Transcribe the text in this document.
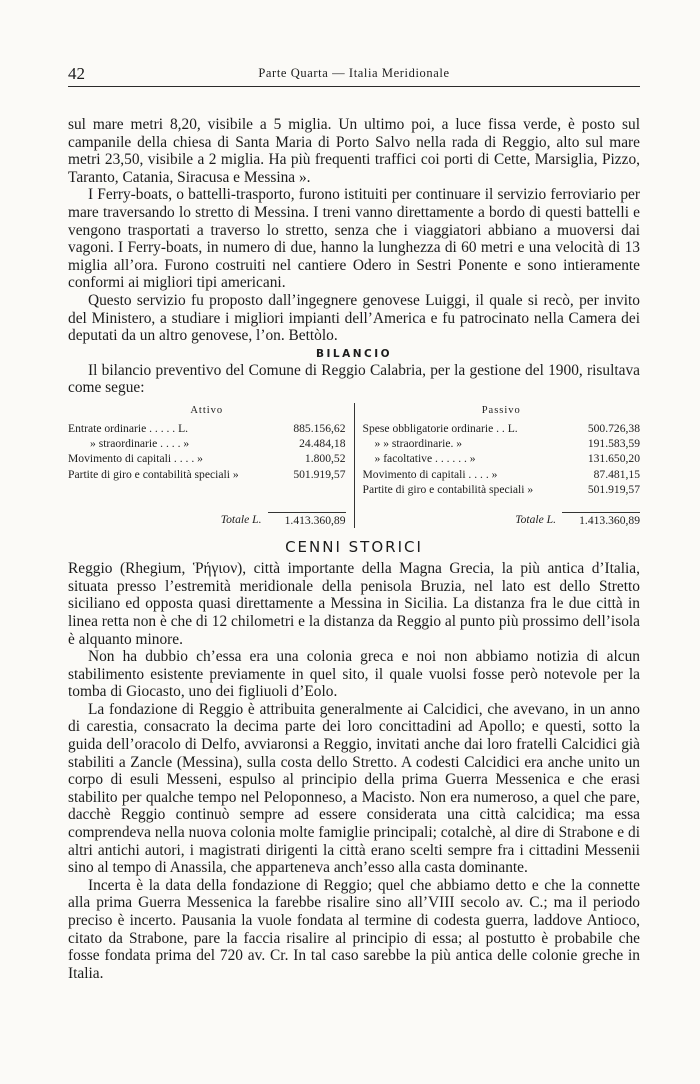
42	Parte Quarta — Italia Meridionale

sul mare metri 8,20, visibile a 5 miglia. Un ultimo poi, a luce fissa verde, è posto sul campanile della chiesa di Santa Maria di Porto Salvo nella rada di Reggio, alto sul mare metri 23,50, visibile a 2 miglia. Ha più frequenti traffici coi porti di Cette, Marsiglia, Pizzo, Taranto, Catania, Siracusa e Messina ».

I Ferry-boats, o battelli-trasporto, furono istituiti per continuare il servizio ferroviario per mare traversando lo stretto di Messina. I treni vanno direttamente a bordo di questi battelli e vengono trasportati a traverso lo stretto, senza che i viaggiatori abbiano a muoversi dai vagoni. I Ferry-boats, in numero di due, hanno la lunghezza di 60 metri e una velocità di 13 miglia all’ora. Furono costruiti nel cantiere Odero in Sestri Ponente e sono intieramente conformi ai migliori tipi americani.

Questo servizio fu proposto dall’ingegnere genovese Luiggi, il quale si recò, per invito del Ministero, a studiare i migliori impianti dell’America e fu patrocinato nella Camera dei deputati da un altro genovese, l’on. Bettòlo.

BILANCIO

Il bilancio preventivo del Comune di Reggio Calabria, per la gestione del 1900, risultava come segue:

Attivo
Entrate ordinarie . . . . . L.	885.156,62
» straordinarie . . . . »	24.484,18
Movimento di capitali . . . . »	1.800,52
Partite di giro e contabilità speciali »	501.919,57
Totale L.	1.413.360,89
Passivo
Spese obbligatorie ordinarie . . L.	500.726,38
» » straordinarie. »	191.583,59
» facoltative . . . . . . »	131.650,20
Movimento di capitali . . . . »	87.481,15
Partite di giro e contabilità speciali »	501.919,57
Totale L.	1.413.360,89
CENNI STORICI

Reggio (Rhegium, Ῥήγιον), città importante della Magna Grecia, la più antica d’Italia, situata presso l’estremità meridionale della penisola Bruzia, nel lato est dello Stretto siciliano ed opposta quasi direttamente a Messina in Sicilia. La distanza fra le due città in linea retta non è che di 12 chilometri e la distanza da Reggio al punto più prossimo dell’isola è alquanto minore.

Non ha dubbio ch’essa era una colonia greca e noi non abbiamo notizia di alcun stabilimento esistente previamente in quel sito, il quale vuolsi fosse però notevole per la tomba di Giocasto, uno dei figliuoli d’Eolo.

La fondazione di Reggio è attribuita generalmente ai Calcidici, che avevano, in un anno di carestia, consacrato la decima parte dei loro concittadini ad Apollo; e questi, sotto la guida dell’oracolo di Delfo, avviaronsi a Reggio, invitati anche dai loro fratelli Calcidici già stabiliti a Zancle (Messina), sulla costa dello Stretto. A codesti Calcidici era anche unito un corpo di esuli Messeni, espulso al principio della prima Guerra Messenica e che erasi stabilito per qualche tempo nel Peloponneso, a Macisto. Non era numeroso, a quel che pare, dacchè Reggio continuò sempre ad essere considerata una città calcidica; ma essa comprendeva nella nuova colonia molte famiglie principali; cotalchè, al dire di Strabone e di altri antichi autori, i magistrati dirigenti la città erano scelti sempre fra i cittadini Messenii sino al tempo di Anassila, che apparteneva anch’esso alla casta dominante.

Incerta è la data della fondazione di Reggio; quel che abbiamo detto e che la connette alla prima Guerra Messenica la farebbe risalire sino all’VIII secolo av. C.; ma il periodo preciso è incerto. Pausania la vuole fondata al termine di codesta guerra, laddove Antioco, citato da Strabone, pare la faccia risalire al principio di essa; al postutto è probabile che fosse fondata prima del 720 av. Cr. In tal caso sarebbe la più antica delle colonie greche in Italia.
